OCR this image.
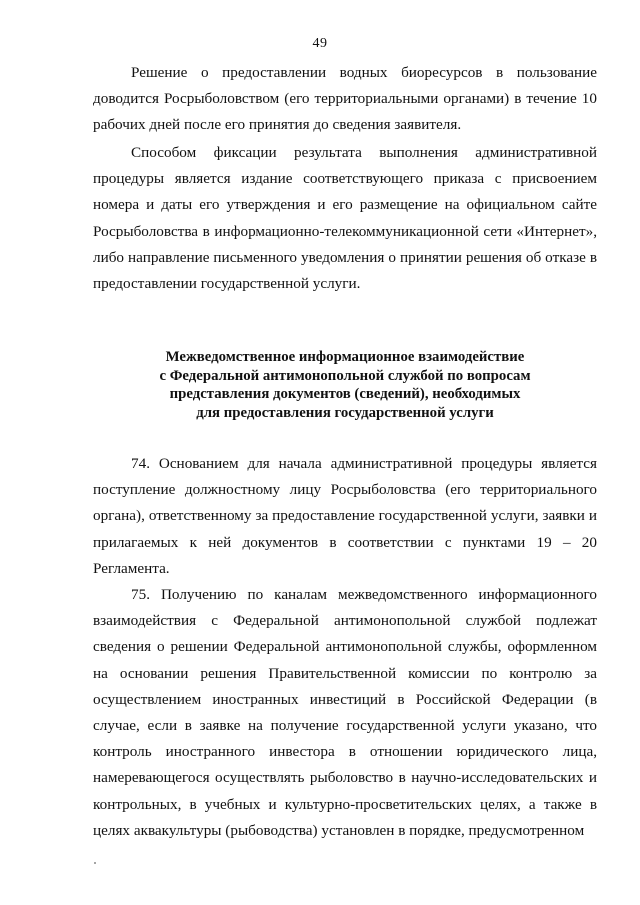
49

Решение о предоставлении водных биоресурсов в пользование доводится Росрыболовством (его территориальными органами) в течение 10 рабочих дней после его принятия до сведения заявителя.

Способом фиксации результата выполнения административной процедуры является издание соответствующего приказа с присвоением номера и даты его утверждения и его размещение на официальном сайте Росрыболовства в информационно-телекоммуникационной сети «Интернет», либо направление письменного уведомления о принятии решения об отказе в предоставлении государственной услуги.

Межведомственное информационное взаимодействие
с Федеральной антимонопольной службой по вопросам
представления документов (сведений), необходимых
для предоставления государственной услуги

74. Основанием для начала административной процедуры является поступление должностному лицу Росрыболовства (его территориального органа), ответственному за предоставление государственной услуги, заявки и прилагаемых к ней документов в соответствии с пунктами 19 – 20 Регламента.

75. Получению по каналам межведомственного информационного взаимодействия с Федеральной антимонопольной службой подлежат сведения о решении Федеральной антимонопольной службы, оформленном на основании решения Правительственной комиссии по контролю за осуществлением иностранных инвестиций в Российской Федерации (в случае, если в заявке на получение государственной услуги указано, что контроль иностранного инвестора в отношении юридического лица, намеревающегося осуществлять рыболовство в научно-исследовательских и контрольных, в учебных и культурно-просветительских целях, а также в целях аквакультуры (рыбоводства) установлен в порядке, предусмотренном
